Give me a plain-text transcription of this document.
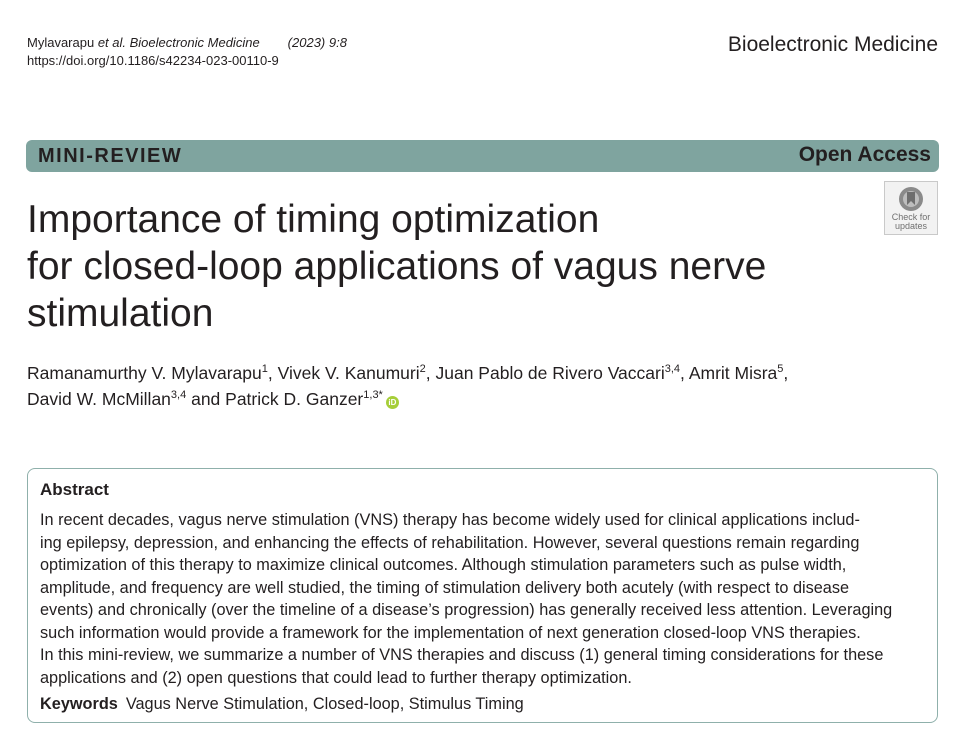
Mylavarapu et al. Bioelectronic Medicine (2023) 9:8
https://doi.org/10.1186/s42234-023-00110-9
Bioelectronic Medicine
MINI-REVIEW	Open Access
Check for
updates
Importance of timing optimization
for closed-loop applications of vagus nerve
stimulation
Ramanamurthy V. Mylavarapu$^1$, Vivek V. Kanumuri$^2$, Juan Pablo de Rivero Vaccari$^{3,4}$, Amrit Misra$^5$,
David W. McMillan$^{3,4}$ and Patrick D. Ganzer$^{1,3*}$iD
Abstract
In recent decades, vagus nerve stimulation (VNS) therapy has become widely used for clinical applications includ-
ing epilepsy, depression, and enhancing the effects of rehabilitation. However, several questions remain regarding
optimization of this therapy to maximize clinical outcomes. Although stimulation parameters such as pulse width,
amplitude, and frequency are well studied, the timing of stimulation delivery both acutely (with respect to disease
events) and chronically (over the timeline of a disease’s progression) has generally received less attention. Leveraging
such information would provide a framework for the implementation of next generation closed-loop VNS therapies.
In this mini-review, we summarize a number of VNS therapies and discuss (1) general timing considerations for these
applications and (2) open questions that could lead to further therapy optimization.
Keywords Vagus Nerve Stimulation, Closed-loop, Stimulus Timing
